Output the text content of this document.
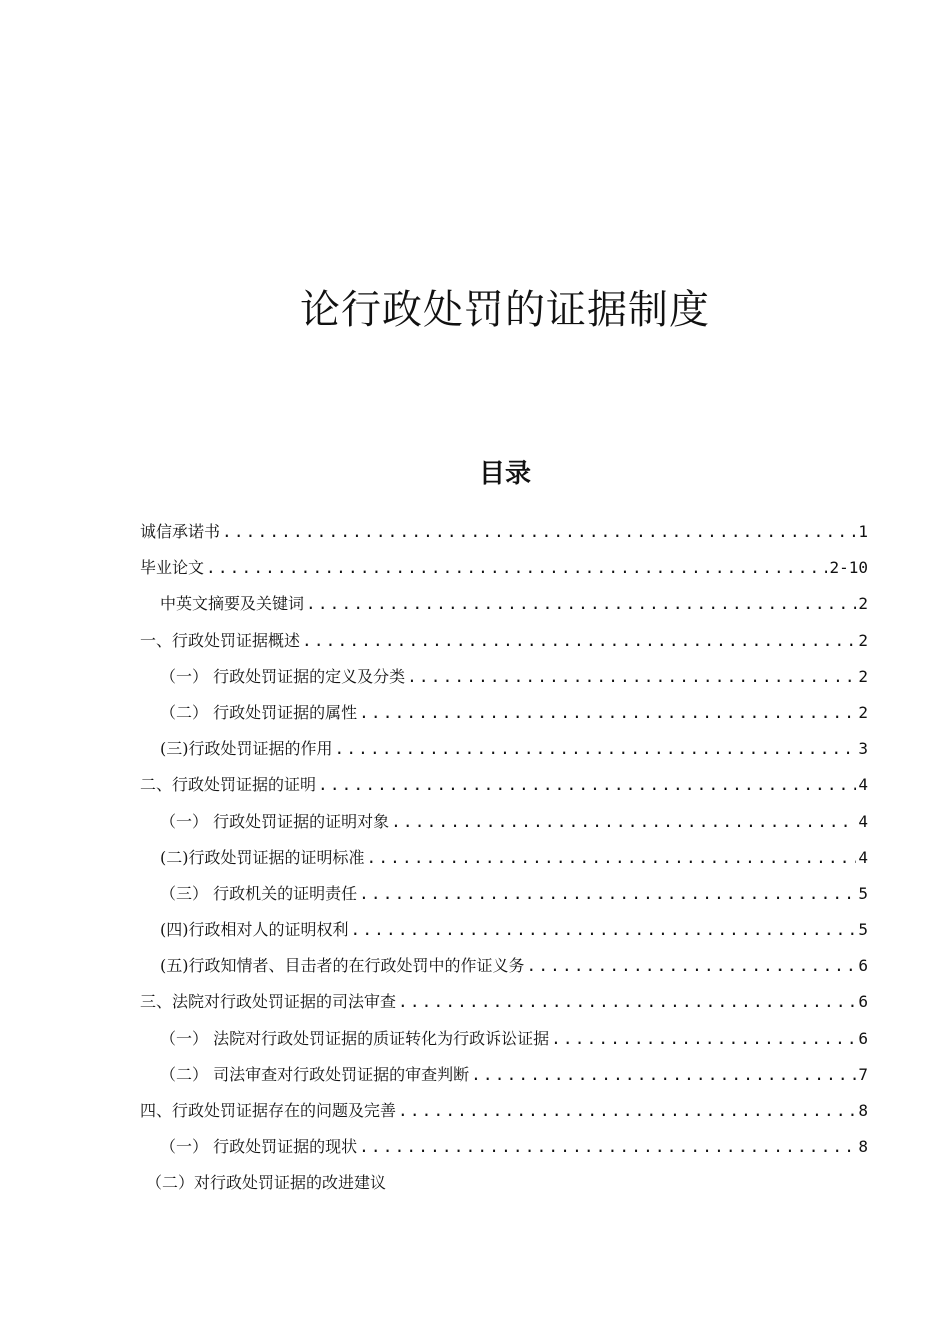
论行政处罚的证据制度
目录
诚信承诺书 .....	1
毕业论文 .....	2-10
中英文摘要及关键词 .....	2
一、行政处罚证据概述 .....	2
（一） 行政处罚证据的定义及分类 .....	2
（二） 行政处罚证据的属性 .....	2
(三)行政处罚证据的作用 .....	3
二、行政处罚证据的证明 .....	4
（一） 行政处罚证据的证明对象 .....	4
(二)行政处罚证据的证明标准 .....	4
（三） 行政机关的证明责任 .....	5
(四)行政相对人的证明权利 .....	5
(五)行政知情者、目击者的在行政处罚中的作证义务 .....	6
三、法院对行政处罚证据的司法审查 .....	6
（一） 法院对行政处罚证据的质证转化为行政诉讼证据 .....	6
（二） 司法审查对行政处罚证据的审查判断 .....	7
四、行政处罚证据存在的问题及完善 .....	8
（一） 行政处罚证据的现状 .....	8
（二）对行政处罚证据的改进建议
